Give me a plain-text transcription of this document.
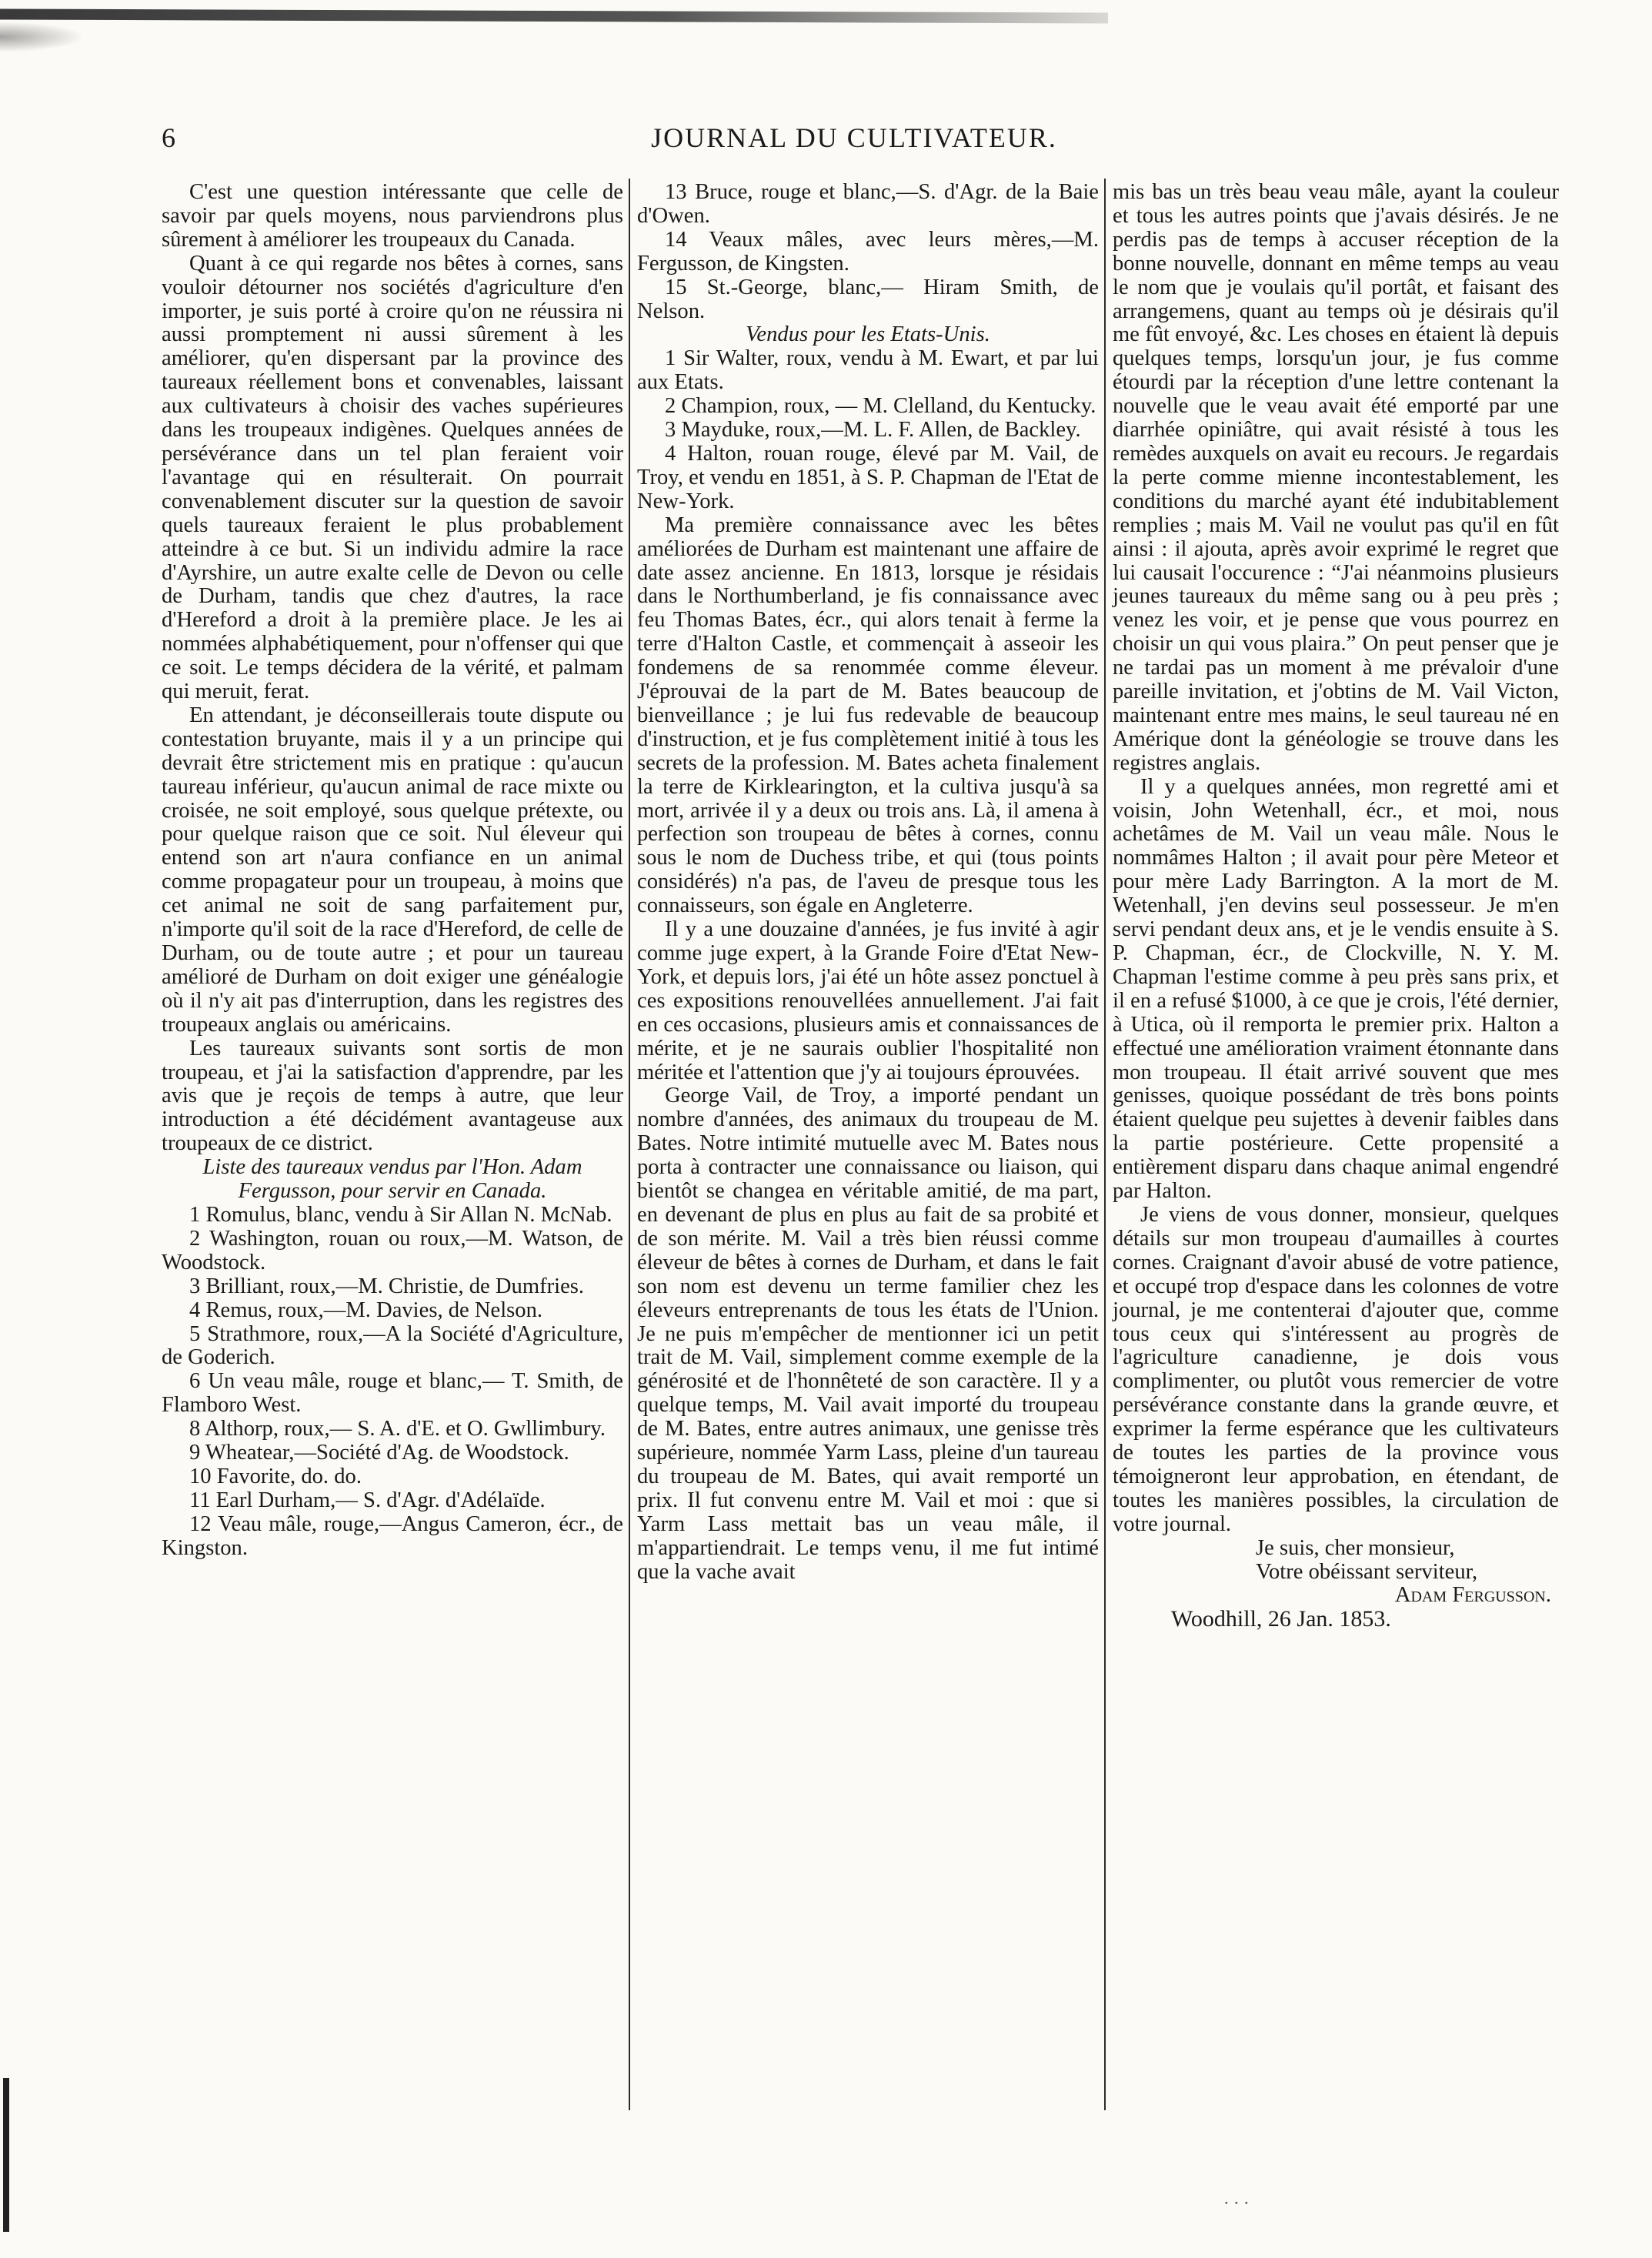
6	JOURNAL DU CULTIVATEUR.

C'est une question intéressante que celle de savoir par quels moyens, nous parviendrons plus sûrement à améliorer les troupeaux du Canada.

Quant à ce qui regarde nos bêtes à cornes, sans vouloir détourner nos sociétés d'agriculture d'en importer, je suis porté à croire qu'on ne réussira ni aussi promptement ni aussi sûrement à les améliorer, qu'en dispersant par la province des taureaux réellement bons et convenables, laissant aux cultivateurs à choisir des vaches supérieures dans les troupeaux indigènes. Quelques années de persévérance dans un tel plan feraient voir l'avantage qui en résulterait. On pourrait convenablement discuter sur la question de savoir quels taureaux feraient le plus probablement atteindre à ce but. Si un individu admire la race d'Ayrshire, un autre exalte celle de Devon ou celle de Durham, tandis que chez d'autres, la race d'Hereford a droit à la première place. Je les ai nommées alphabétiquement, pour n'offenser qui que ce soit. Le temps décidera de la vérité, et palmam qui meruit, ferat.

En attendant, je déconseillerais toute dispute ou contestation bruyante, mais il y a un principe qui devrait être strictement mis en pratique : qu'aucun taureau inférieur, qu'aucun animal de race mixte ou croisée, ne soit employé, sous quelque prétexte, ou pour quelque raison que ce soit. Nul éleveur qui entend son art n'aura confiance en un animal comme propagateur pour un troupeau, à moins que cet animal ne soit de sang parfaitement pur, n'importe qu'il soit de la race d'Hereford, de celle de Durham, ou de toute autre ; et pour un taureau amélioré de Durham on doit exiger une généalogie où il n'y ait pas d'interruption, dans les registres des troupeaux anglais ou américains.

Les taureaux suivants sont sortis de mon troupeau, et j'ai la satisfaction d'apprendre, par les avis que je reçois de temps à autre, que leur introduction a été décidément avantageuse aux troupeaux de ce district.

Liste des taureaux vendus par l'Hon. Adam Fergusson, pour servir en Canada.

1 Romulus, blanc, vendu à Sir Allan N. McNab.

2 Washington, rouan ou roux,—M. Watson, de Woodstock.

3 Brilliant, roux,—M. Christie, de Dumfries.

4 Remus, roux,—M. Davies, de Nelson.

5 Strathmore, roux,—A la Société d'Agriculture, de Goderich.

6 Un veau mâle, rouge et blanc,— T. Smith, de Flamboro West.

8 Althorp, roux,— S. A. d'E. et O. Gwllimbury.

9 Wheatear,—Société d'Ag. de Woodstock.

10 Favorite, do. do.

11 Earl Durham,— S. d'Agr. d'Adélaïde.

12 Veau mâle, rouge,—Angus Cameron, écr., de Kingston.

13 Bruce, rouge et blanc,—S. d'Agr. de la Baie d'Owen.

14 Veaux mâles, avec leurs mères,—M. Fergusson, de Kingsten.

15 St.-George, blanc,— Hiram Smith, de Nelson.

Vendus pour les Etats-Unis.

1 Sir Walter, roux, vendu à M. Ewart, et par lui aux Etats.

2 Champion, roux, — M. Clelland, du Kentucky.

3 Mayduke, roux,—M. L. F. Allen, de Backley.

4 Halton, rouan rouge, élevé par M. Vail, de Troy, et vendu en 1851, à S. P. Chapman de l'Etat de New-York.

Ma première connaissance avec les bêtes améliorées de Durham est maintenant une affaire de date assez ancienne. En 1813, lorsque je résidais dans le Northumberland, je fis connaissance avec feu Thomas Bates, écr., qui alors tenait à ferme la terre d'Halton Castle, et commençait à asseoir les fondemens de sa renommée comme éleveur. J'éprouvai de la part de M. Bates beaucoup de bienveillance ; je lui fus redevable de beaucoup d'instruction, et je fus complètement initié à tous les secrets de la profession. M. Bates acheta finalement la terre de Kirklearington, et la cultiva jusqu'à sa mort, arrivée il y a deux ou trois ans. Là, il amena à perfection son troupeau de bêtes à cornes, connu sous le nom de Duchess tribe, et qui (tous points considérés) n'a pas, de l'aveu de presque tous les connaisseurs, son égale en Angleterre.

Il y a une douzaine d'années, je fus invité à agir comme juge expert, à la Grande Foire d'Etat New-York, et depuis lors, j'ai été un hôte assez ponctuel à ces expositions renouvellées annuellement. J'ai fait en ces occasions, plusieurs amis et connaissances de mérite, et je ne saurais oublier l'hospitalité non méritée et l'attention que j'y ai toujours éprouvées.

George Vail, de Troy, a importé pendant un nombre d'années, des animaux du troupeau de M. Bates. Notre intimité mutuelle avec M. Bates nous porta à contracter une connaissance ou liaison, qui bientôt se changea en véritable amitié, de ma part, en devenant de plus en plus au fait de sa probité et de son mérite. M. Vail a très bien réussi comme éleveur de bêtes à cornes de Durham, et dans le fait son nom est devenu un terme familier chez les éleveurs entreprenants de tous les états de l'Union. Je ne puis m'empêcher de mentionner ici un petit trait de M. Vail, simplement comme exemple de la générosité et de l'honnêteté de son caractère. Il y a quelque temps, M. Vail avait importé du troupeau de M. Bates, entre autres animaux, une genisse très supérieure, nommée Yarm Lass, pleine d'un taureau du troupeau de M. Bates, qui avait remporté un prix. Il fut convenu entre M. Vail et moi : que si Yarm Lass mettait bas un veau mâle, il m'appartiendrait. Le temps venu, il me fut intimé que la vache avait

mis bas un très beau veau mâle, ayant la couleur et tous les autres points que j'avais désirés. Je ne perdis pas de temps à accuser réception de la bonne nouvelle, donnant en même temps au veau le nom que je voulais qu'il portât, et faisant des arrangemens, quant au temps où je désirais qu'il me fût envoyé, &c. Les choses en étaient là depuis quelques temps, lorsqu'un jour, je fus comme étourdi par la réception d'une lettre contenant la nouvelle que le veau avait été emporté par une diarrhée opiniâtre, qui avait résisté à tous les remèdes auxquels on avait eu recours. Je regardais la perte comme mienne incontestablement, les conditions du marché ayant été indubitablement remplies ; mais M. Vail ne voulut pas qu'il en fût ainsi : il ajouta, après avoir exprimé le regret que lui causait l'occurence : “J'ai néanmoins plusieurs jeunes taureaux du même sang ou à peu près ; venez les voir, et je pense que vous pourrez en choisir un qui vous plaira.” On peut penser que je ne tardai pas un moment à me prévaloir d'une pareille invitation, et j'obtins de M. Vail Victon, maintenant entre mes mains, le seul taureau né en Amérique dont la généologie se trouve dans les registres anglais.

Il y a quelques années, mon regretté ami et voisin, John Wetenhall, écr., et moi, nous achetâmes de M. Vail un veau mâle. Nous le nommâmes Halton ; il avait pour père Meteor et pour mère Lady Barrington. A la mort de M. Wetenhall, j'en devins seul possesseur. Je m'en servi pendant deux ans, et je le vendis ensuite à S. P. Chapman, écr., de Clockville, N. Y. M. Chapman l'estime comme à peu près sans prix, et il en a refusé $1000, à ce que je crois, l'été dernier, à Utica, où il remporta le premier prix. Halton a effectué une amélioration vraiment étonnante dans mon troupeau. Il était arrivé souvent que mes genisses, quoique possédant de très bons points étaient quelque peu sujettes à devenir faibles dans la partie postérieure. Cette propensité a entièrement disparu dans chaque animal engendré par Halton.

Je viens de vous donner, monsieur, quelques détails sur mon troupeau d'aumailles à courtes cornes. Craignant d'avoir abusé de votre patience, et occupé trop d'espace dans les colonnes de votre journal, je me contenterai d'ajouter que, comme tous ceux qui s'intéressent au progrès de l'agriculture canadienne, je dois vous complimenter, ou plutôt vous remercier de votre persévérance constante dans la grande œuvre, et exprimer la ferme espérance que les cultivateurs de toutes les parties de la province vous témoigneront leur approbation, en étendant, de toutes les manières possibles, la circulation de votre journal.

Je suis, cher monsieur,
Votre obéissant serviteur,
Adam Fergusson.

Woodhill, 26 Jan. 1853.

⋅ ⋅ ⋅
